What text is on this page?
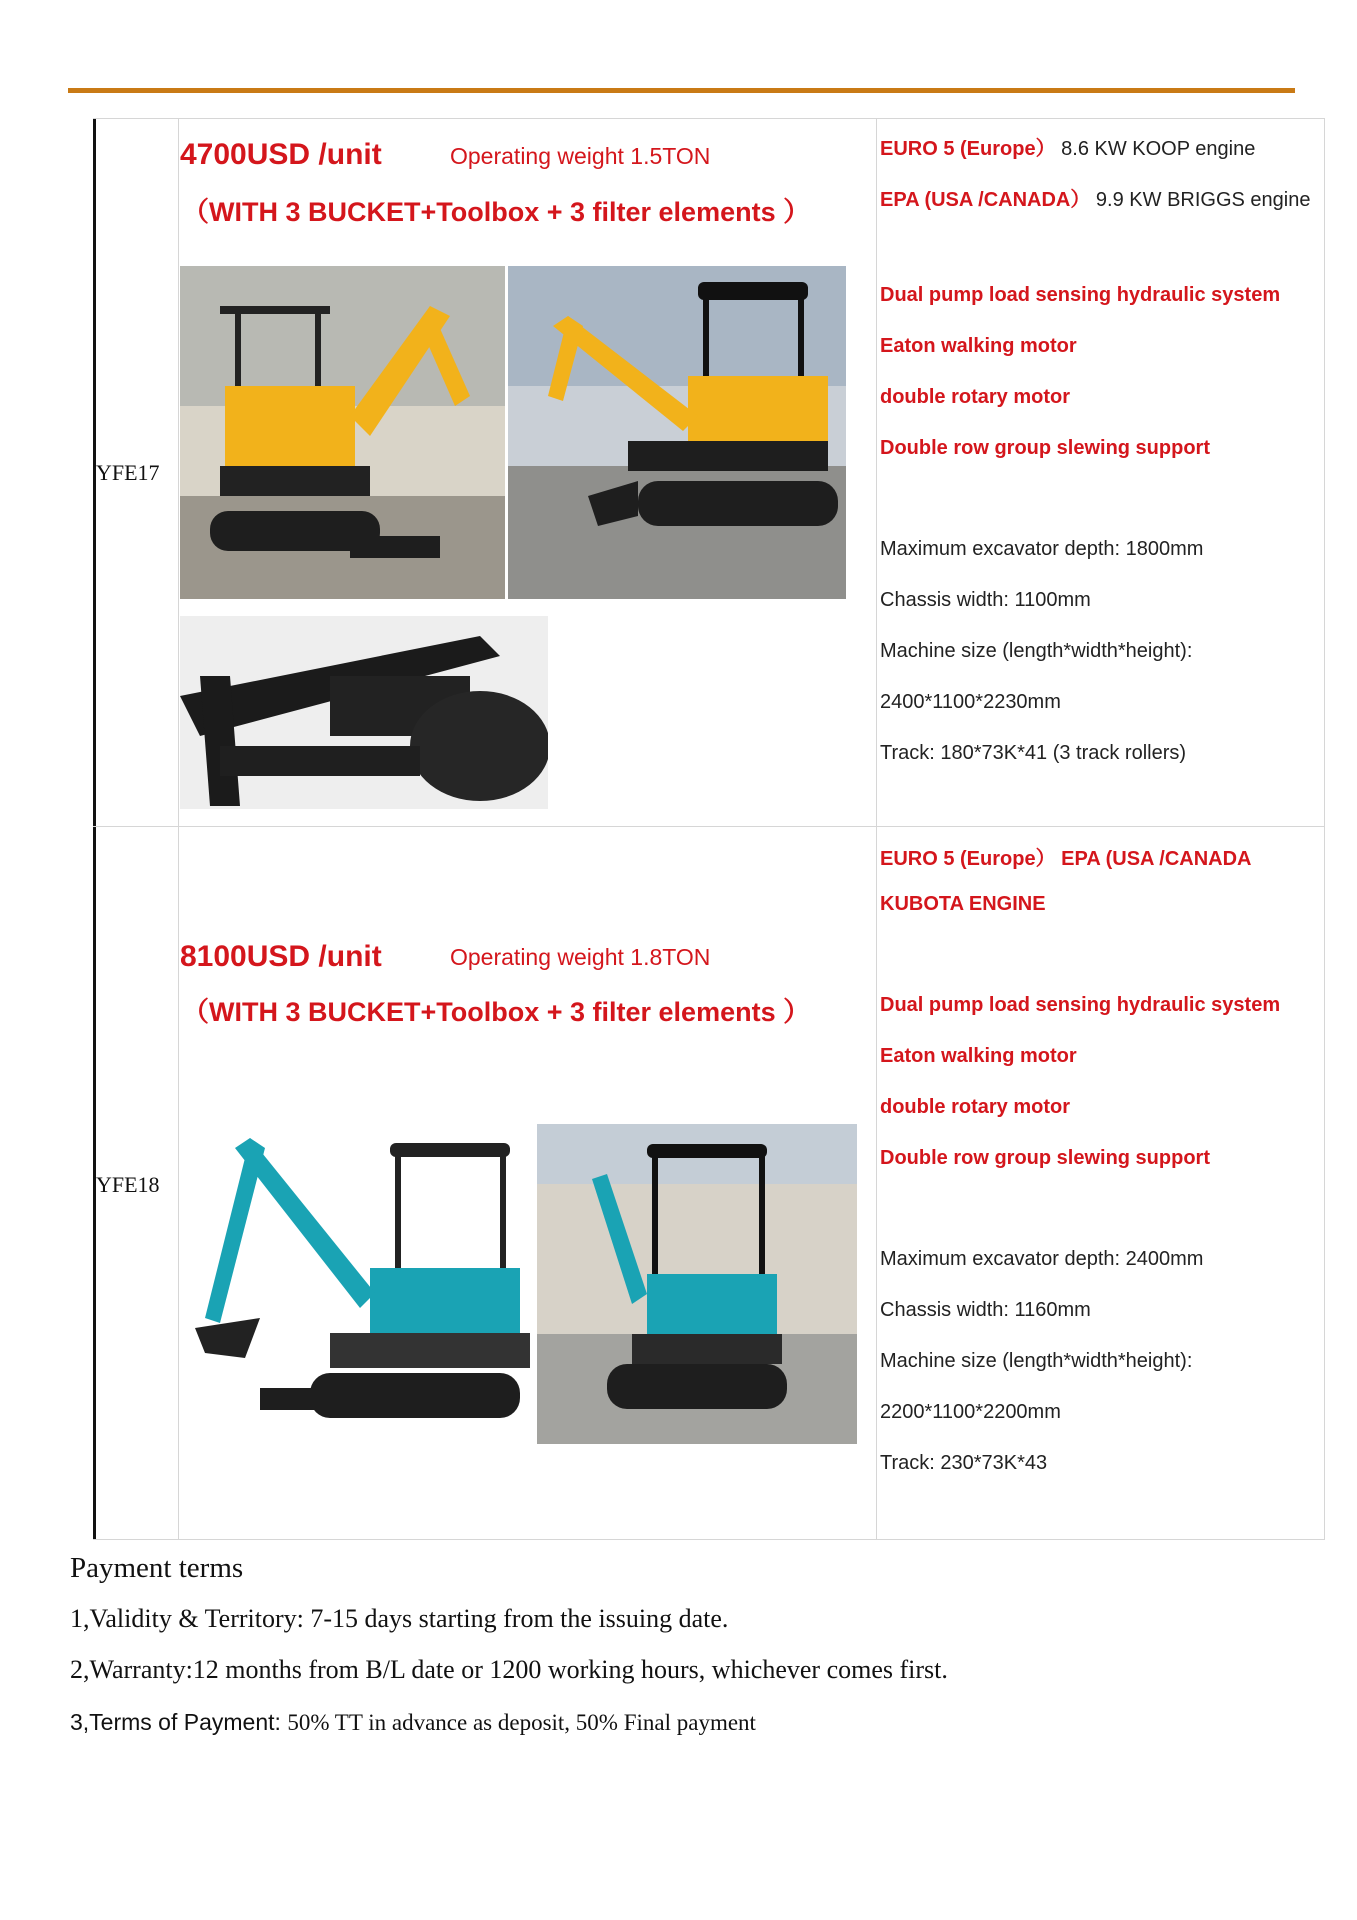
YFE17
4700USD /unit	Operating weight 1.5TON
（WITH 3 BUCKET+Toolbox + 3 filter elements ）
EURO 5 (Europe） 8.6 KW KOOP engine
EPA (USA /CANADA） 9.9 KW BRIGGS engine
Dual pump load sensing hydraulic system
Eaton walking motor
double rotary motor
Double row group slewing support
Maximum excavator depth: 1800mm
Chassis width: 1100mm
Machine size (length*width*height):
2400*1100*2230mm
Track: 180*73K*41 (3 track rollers)
YFE18
8100USD /unit	Operating weight 1.8TON
（WITH 3 BUCKET+Toolbox + 3 filter elements ）
EURO 5 (Europe） EPA (USA /CANADA
KUBOTA ENGINE
Dual pump load sensing hydraulic system
Eaton walking motor
double rotary motor
Double row group slewing support
Maximum excavator depth: 2400mm
Chassis width: 1160mm
Machine size (length*width*height):
2200*1100*2200mm
Track: 230*73K*43
Payment terms
1,Validity & Territory: 7-15 days starting from the issuing date.
2,Warranty:12 months from B/L date or 1200 working hours, whichever comes first.
3,Terms of Payment: 50% TT in advance as deposit, 50% Final payment
